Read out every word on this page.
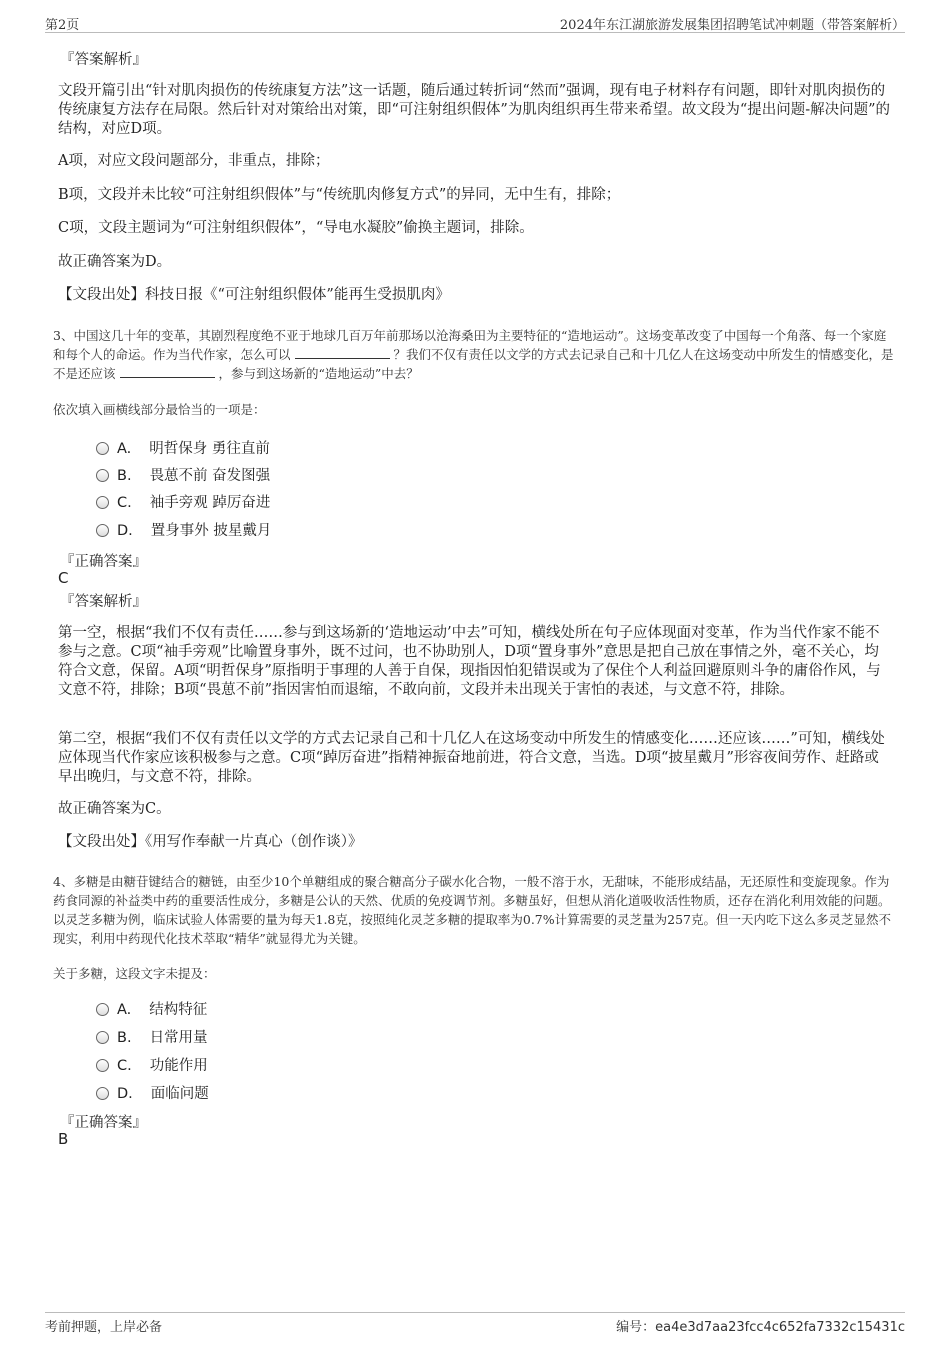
第2页	2024年东江湖旅游发展集团招聘笔试冲刺题（带答案解析）
『答案解析』
文段开篇引出“针对肌肉损伤的传统康复方法”这一话题，随后通过转折词“然而”强调，现有电子材料存有问题，即针对肌肉损伤的传统康复方法存在局限。然后针对对策给出对策，即“可注射组织假体”为肌肉组织再生带来希望。故文段为“提出问题-解决问题”的结构，对应D项。
A项，对应文段问题部分，非重点，排除；
B项，文段并未比较“可注射组织假体”与“传统肌肉修复方式”的异同，无中生有，排除；
C项，文段主题词为“可注射组织假体”，“导电水凝胶”偷换主题词，排除。
故正确答案为D。
【文段出处】科技日报《“可注射组织假体”能再生受损肌肉》
3、中国这几十年的变革，其剧烈程度绝不亚于地球几百万年前那场以沧海桑田为主要特征的“造地运动”。这场变革改变了中国每一个角落、每一个家庭和每个人的命运。作为当代作家，怎么可以	？我们不仅有责任以文学的方式去记录自己和十几亿人在这场变动中所发生的情感变化，是不是还应该	，参与到这场新的“造地运动”中去？
依次填入画横线部分最恰当的一项是：
A. 明哲保身 勇往直前
B. 畏葸不前 奋发图强
C. 袖手旁观 踔厉奋进
D. 置身事外 披星戴月
『正确答案』
C
『答案解析』
第一空，根据“我们不仅有责任……参与到这场新的‘造地运动’中去”可知，横线处所在句子应体现面对变革，作为当代作家不能不参与之意。C项“袖手旁观”比喻置身事外，既不过问，也不协助别人，D项“置身事外”意思是把自己放在事情之外，毫不关心，均符合文意，保留。A项“明哲保身”原指明于事理的人善于自保，现指因怕犯错误或为了保住个人利益回避原则斗争的庸俗作风，与文意不符，排除；B项“畏葸不前”指因害怕而退缩，不敢向前，文段并未出现关于害怕的表述，与文意不符，排除。
第二空，根据“我们不仅有责任以文学的方式去记录自己和十几亿人在这场变动中所发生的情感变化……还应该……”可知，横线处应体现当代作家应该积极参与之意。C项“踔厉奋进”指精神振奋地前进，符合文意，当选。D项“披星戴月”形容夜间劳作、赶路或早出晚归，与文意不符，排除。
故正确答案为C。
【文段出处】《用写作奉献一片真心（创作谈）》
4、多糖是由糖苷键结合的糖链，由至少10个单糖组成的聚合糖高分子碳水化合物，一般不溶于水，无甜味，不能形成结晶，无还原性和变旋现象。作为药食同源的补益类中药的重要活性成分，多糖是公认的天然、优质的免疫调节剂。多糖虽好，但想从消化道吸收活性物质，还存在消化利用效能的问题。以灵芝多糖为例，临床试验人体需要的量为每天1.8克，按照纯化灵芝多糖的提取率为0.7%计算需要的灵芝量为257克。但一天内吃下这么多灵芝显然不现实，利用中药现代化技术萃取“精华”就显得尤为关键。
关于多糖，这段文字未提及：
A. 结构特征
B. 日常用量
C. 功能作用
D. 面临问题
『正确答案』
B
考前押题，上岸必备	编号：ea4e3d7aa23fcc4c652fa7332c15431c
